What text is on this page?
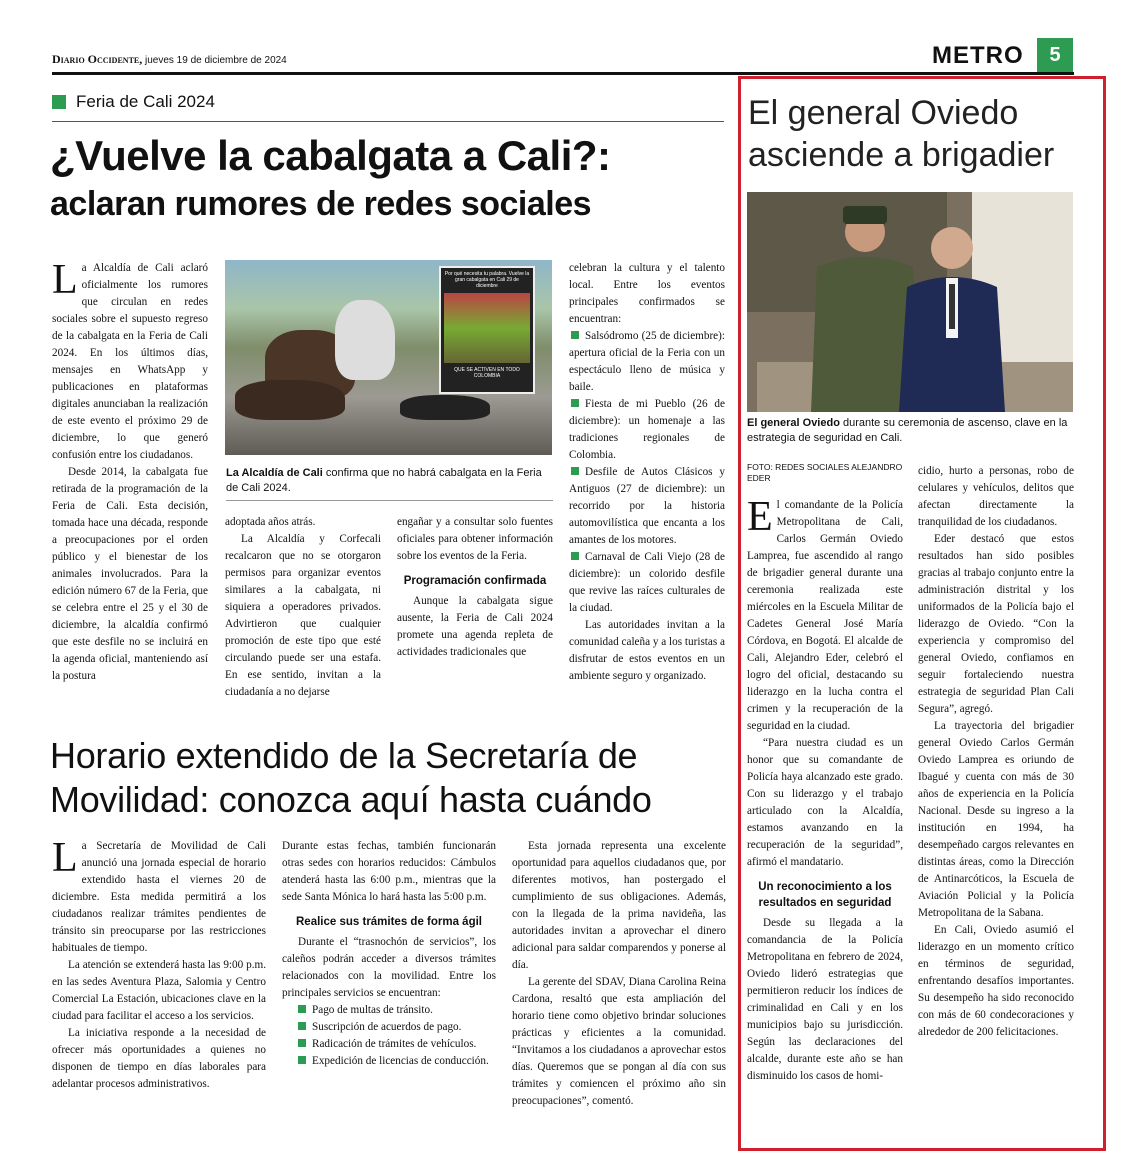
Diario Occidente, jueves 19 de diciembre de 2024	METRO	5
Feria de Cali 2024
¿Vuelve la cabalgata a Cali?:
aclaran rumores de redes sociales
L a Alcaldía de Cali aclaró oficialmente los rumores que circulan en redes sociales sobre el supuesto regreso de la cabalgata en la Feria de Cali 2024. En los últimos días, mensajes en WhatsApp y publicaciones en plataformas digitales anunciaban la realización de este evento el próximo 29 de diciembre, lo que generó confusión entre los ciudadanos.

Desde 2014, la cabalgata fue retirada de la programación de la Feria de Cali. Esta decisión, tomada hace una década, responde a preocupaciones por el orden público y el bienestar de los animales involucrados. Para la edición número 67 de la Feria, que se celebra entre el 25 y el 30 de diciembre, la alcaldía confirmó que este desfile no se incluirá en la agenda oficial, manteniendo así la postura

Por qué necesita tu palabra. Vuelve la gran cabalgata en Cali 29 de diciembre
QUE SE ACTIVEN EN TODO COLOMBIA
La Alcaldía de Cali confirma que no habrá cabalgata en la Feria de Cali 2024.

adoptada años atrás.

La Alcaldía y Corfecali recalcaron que no se otorgaron permisos para organizar eventos similares a la cabalgata, ni siquiera a operadores privados. Advirtieron que cualquier promoción de este tipo que esté circulando puede ser una estafa. En ese sentido, invitan a la ciudadanía a no dejarse

engañar y a consultar solo fuentes oficiales para obtener información sobre los eventos de la Feria.

Programación confirmada

Aunque la cabalgata sigue ausente, la Feria de Cali 2024 promete una agenda repleta de actividades tradicionales que

celebran la cultura y el talento local. Entre los eventos principales confirmados se encuentran:

Salsódromo (25 de diciembre): apertura oficial de la Feria con un espectáculo lleno de música y baile.

Fiesta de mi Pueblo (26 de diciembre): un homenaje a las tradiciones regionales de Colombia.

Desfile de Autos Clásicos y Antiguos (27 de diciembre): un recorrido por la historia automovilística que encanta a los amantes de los motores.

Carnaval de Cali Viejo (28 de diciembre): un colorido desfile que revive las raíces culturales de la ciudad.

Las autoridades invitan a la comunidad caleña y a los turistas a disfrutar de estos eventos en un ambiente seguro y organizado.

Horario extendido de la Secretaría de
Movilidad: conozca aquí hasta cuándo
L a Secretaría de Movilidad de Cali anunció una jornada especial de horario extendido hasta el viernes 20 de diciembre. Esta medida permitirá a los ciudadanos realizar trámites pendientes de tránsito sin preocuparse por las restricciones habituales de tiempo.

La atención se extenderá hasta las 9:00 p.m. en las sedes Aventura Plaza, Salomia y Centro Comercial La Estación, ubicaciones clave en la ciudad para facilitar el acceso a los servicios.

La iniciativa responde a la necesidad de ofrecer más oportunidades a quienes no disponen de tiempo en días laborales para adelantar procesos administrativos.

Durante estas fechas, también funcionarán otras sedes con horarios reducidos: Cámbulos atenderá hasta las 6:00 p.m., mientras que la sede Santa Mónica lo hará hasta las 5:00 p.m.

Realice sus trámites de forma ágil

Durante el “trasnochón de servicios”, los caleños podrán acceder a diversos trámites relacionados con la movilidad. Entre los principales servicios se encuentran:

Pago de multas de tránsito.

Suscripción de acuerdos de pago.

Radicación de trámites de vehículos.

Expedición de licencias de conducción.

Esta jornada representa una excelente oportunidad para aquellos ciudadanos que, por diferentes motivos, han postergado el cumplimiento de sus obligaciones. Además, con la llegada de la prima navideña, las autoridades invitan a aprovechar el dinero adicional para saldar comparendos y ponerse al día.

La gerente del SDAV, Diana Carolina Reina Cardona, resaltó que esta ampliación del horario tiene como objetivo brindar soluciones prácticas y eficientes a la comunidad. “Invitamos a los ciudadanos a aprovechar estos días. Queremos que se pongan al día con sus trámites y comiencen el próximo año sin preocupaciones”, comentó.

El general Oviedo
asciende a brigadier
El general Oviedo durante su ceremonia de ascenso, clave en la estrategia de seguridad en Cali.
FOTO: REDES SOCIALES ALEJANDRO EDER
E l comandante de la Policía Metropolitana de Cali, Carlos Germán Oviedo Lamprea, fue ascendido al rango de brigadier general durante una ceremonia realizada este miércoles en la Escuela Militar de Cadetes General José María Córdova, en Bogotá. El alcalde de Cali, Alejandro Eder, celebró el logro del oficial, destacando su liderazgo en la lucha contra el crimen y la recuperación de la seguridad en la ciudad.

“Para nuestra ciudad es un honor que su comandante de Policía haya alcanzado este grado. Con su liderazgo y el trabajo articulado con la Alcaldía, estamos avanzando en la recuperación de la seguridad”, afirmó el mandatario.

Un reconocimiento a los resultados en seguridad

Desde su llegada a la comandancia de la Policía Metropolitana en febrero de 2024, Oviedo lideró estrategias que permitieron reducir los índices de criminalidad en Cali y en los municipios bajo su jurisdicción. Según las declaraciones del alcalde, durante este año se han disminuido los casos de homi-

cidio, hurto a personas, robo de celulares y vehículos, delitos que afectan directamente la tranquilidad de los ciudadanos.

Eder destacó que estos resultados han sido posibles gracias al trabajo conjunto entre la administración distrital y los uniformados de la Policía bajo el liderazgo de Oviedo. “Con la experiencia y compromiso del general Oviedo, confiamos en seguir fortaleciendo nuestra estrategia de seguridad Plan Cali Segura”, agregó.

La trayectoria del brigadier general Oviedo Carlos Germán Oviedo Lamprea es oriundo de Ibagué y cuenta con más de 30 años de experiencia en la Policía Nacional. Desde su ingreso a la institución en 1994, ha desempeñado cargos relevantes en distintas áreas, como la Dirección de Antinarcóticos, la Escuela de Aviación Policial y la Policía Metropolitana de la Sabana.

En Cali, Oviedo asumió el liderazgo en un momento crítico en términos de seguridad, enfrentando desafíos importantes. Su desempeño ha sido reconocido con más de 60 condecoraciones y alrededor de 200 felicitaciones.
